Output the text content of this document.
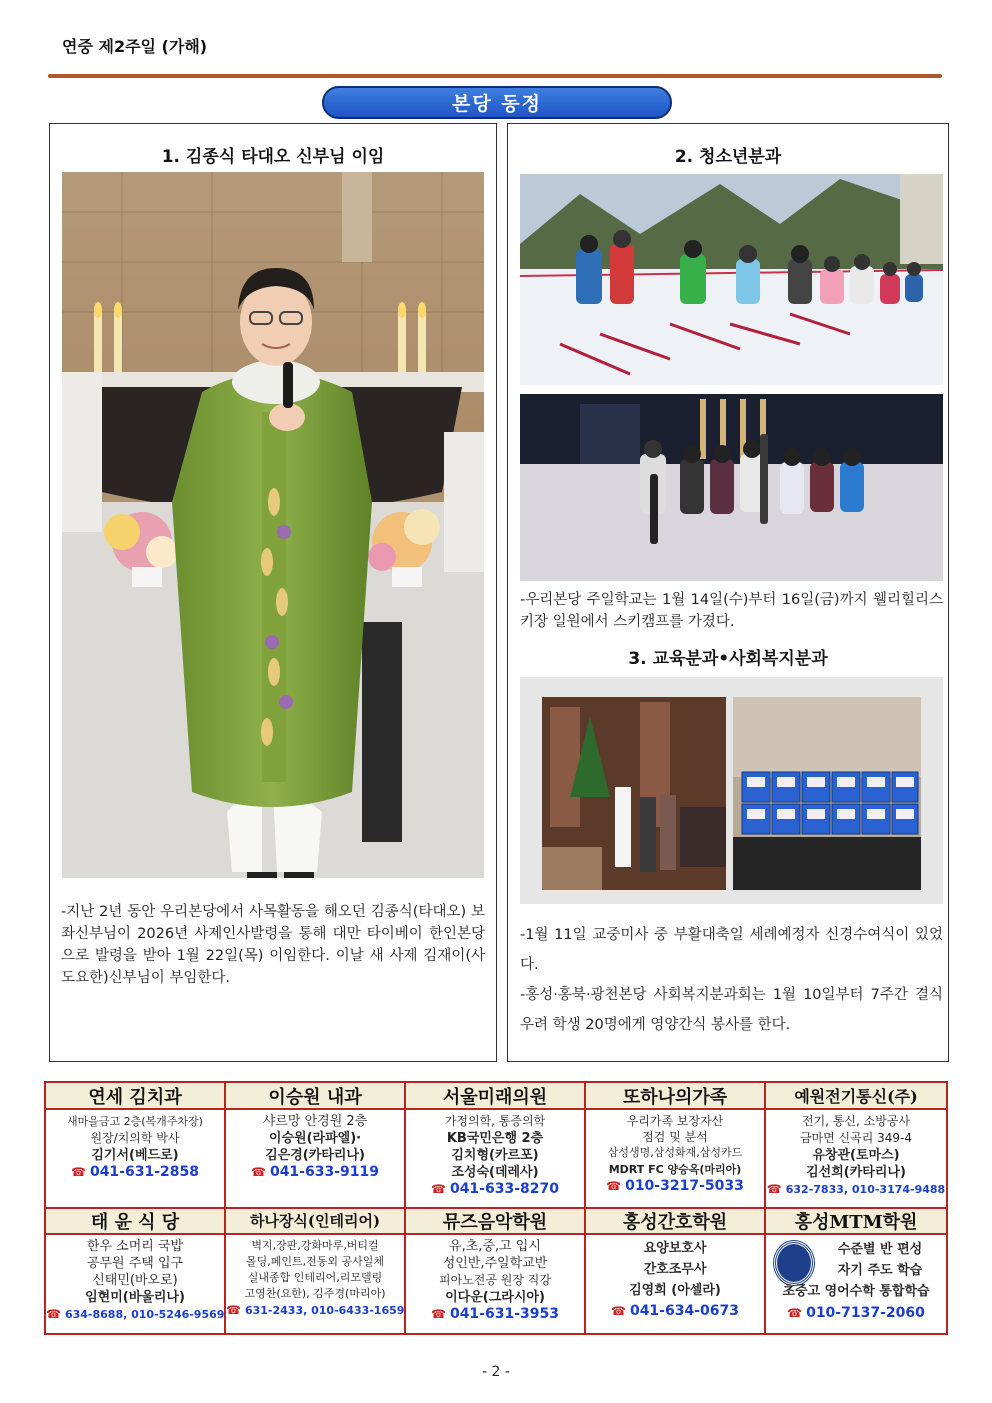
연중 제2주일 (가해)
본당 동정
1. 김종식 타대오 신부님 이임
-지난 2년 동안 우리본당에서 사목활동을 해오던 김종식(타대오) 보좌신부님이 2026년 사제인사발령을 통해 대만 타이베이 한인본당으로 발령을 받아 1월 22일(목) 이임한다. 이날 새 사제 김재이(사도요한)신부님이 부임한다.
2. 청소년분과
-우리본당 주일학교는 1월 14일(수)부터 16일(금)까지 웰리힐리스키장 일원에서 스키캠프를 가졌다.
3. 교육분과•사회복지분과
-1월 11일 교중미사 중 부활대축일 세례예정자 신경수여식이 있었다.
-홍성·홍북·광천본당 사회복지분과회는 1월 10일부터 7주간 결식우려 학생 20명에게 영양간식 봉사를 한다.
연세 김치과
새마을금고 2층(복개주차장)
원장/치의학 박사
김기서(베드로)
☎ 041-631-2858
이승원 내과
샤르망 안경원 2층
이승원(라파엘)·
김은경(카타리나)
☎ 041-633-9119
서울미래의원
가정의학, 통증의학
KB국민은행 2층
김치형(카르포)
조성숙(데레사)
☎ 041-633-8270
또하나의가족
우리가족 보장자산
점검 및 분석
삼성생명,삼성화재,삼성카드
MDRT FC 양승옥(마리아)
☎ 010-3217-5033
예원전기통신(주)
전기, 통신, 소방공사
금마면 신곡리 349-4
유창관(토마스)
김선희(카타리나)
☎ 632-7833, 010-3174-9488
태 윤 식 당
한우 소머리 국밥
공무원 주택 입구
신태민(바오로)
임현미(바울리나)
☎ 634-8688, 010-5246-9569
하나장식(인테리어)
벽지,장판,강화마루,버티컬
몰딩,페인트,전동외 공사일체
실내종합 인테리어,리모델링
고영찬(요한), 김주경(마리아)
☎ 631-2433, 010-6433-1659
뮤즈음악학원
유,초,중,고 입시
성인반,주일학교반
피아노전공 원장 직강
이다운(그라시아)
☎ 041-631-3953
홍성간호학원
요양보호사
간호조무사
김영희 (아셀라)
☎ 041-634-0673
홍성MTM학원
수준별 반 편성
자기 주도 학습
초중고 영어수학 통합학습
☎ 010-7137-2060
- 2 -
